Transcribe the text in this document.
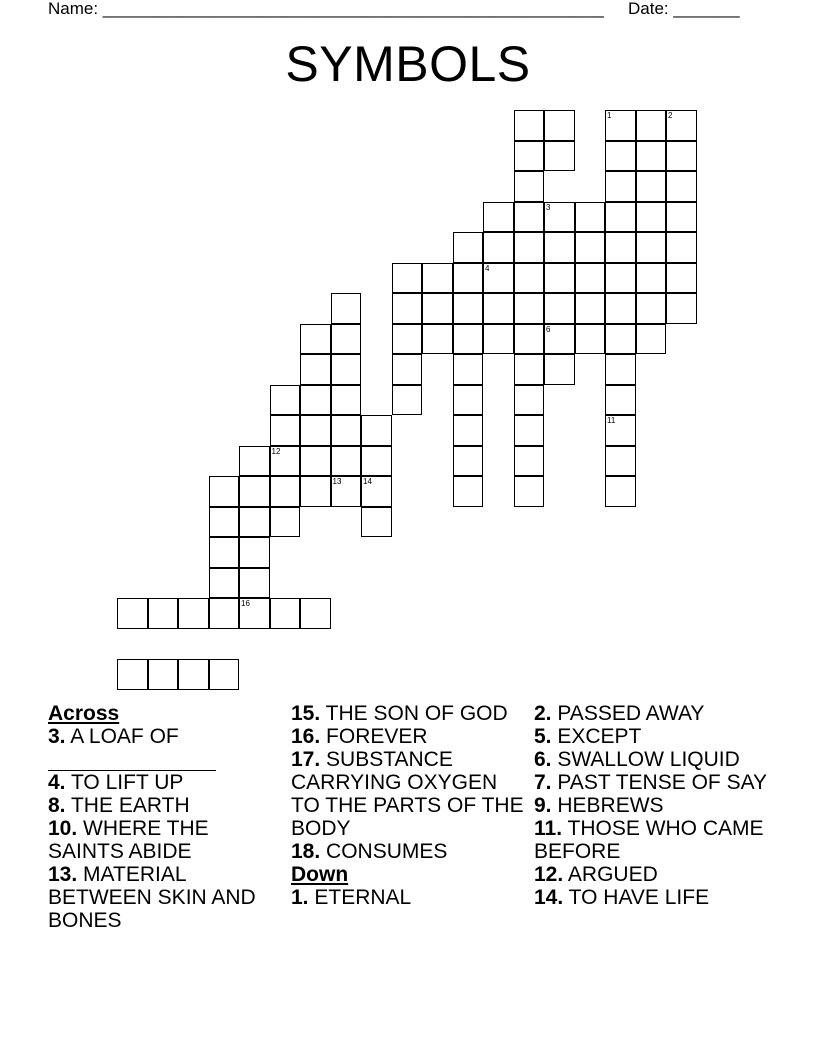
Name: _____________________________________________________ Date: _______
SYMBOLS
16
12
13	14
4
3
6
1
11
2
Across
3. A LOAF OF

4. TO LIFT UP
8. THE EARTH
10. WHERE THE SAINTS ABIDE
13. MATERIAL BETWEEN SKIN AND BONES
15. THE SON OF GOD
16. FOREVER
17. SUBSTANCE CARRYING OXYGEN TO THE PARTS OF THE BODY
18. CONSUMES
Down
1. ETERNAL
2. PASSED AWAY
5. EXCEPT
6. SWALLOW LIQUID
7. PAST TENSE OF SAY
9. HEBREWS
11. THOSE WHO CAME BEFORE
12. ARGUED
14. TO HAVE LIFE
